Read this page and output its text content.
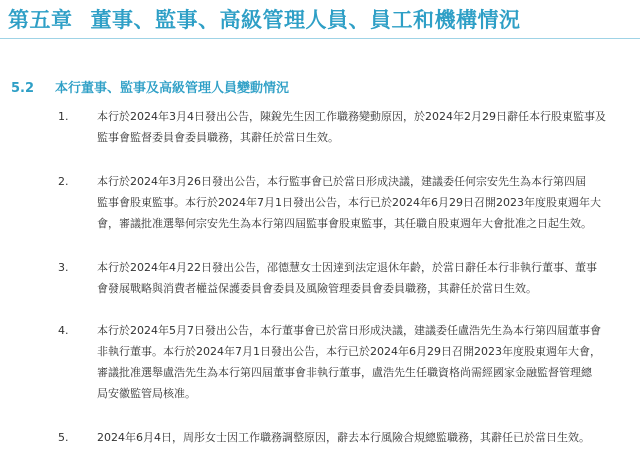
第五章 董事、監事、高級管理人員、員工和機構情況
5.2 本行董事、監事及高級管理人員變動情況
1.	本行於2024年3月4日發出公告，陳銳先生因工作職務變動原因，於2024年2月29日辭任本行股東監事及
監事會監督委員會委員職務，其辭任於當日生效。
2.	本行於2024年3月26日發出公告，本行監事會已於當日形成決議，建議委任何宗安先生為本行第四屆
監事會股東監事。本行於2024年7月1日發出公告，本行已於2024年6月29日召開2023年度股東週年大
會，審議批准選舉何宗安先生為本行第四屆監事會股東監事，其任職自股東週年大會批准之日起生效。
3.	本行於2024年4月22日發出公告，邵德慧女士因達到法定退休年齡，於當日辭任本行非執行董事、董事
會發展戰略與消費者權益保護委員會委員及風險管理委員會委員職務，其辭任於當日生效。
4.	本行於2024年5月7日發出公告，本行董事會已於當日形成決議，建議委任盧浩先生為本行第四屆董事會
非執行董事。本行於2024年7月1日發出公告，本行已於2024年6月29日召開2023年度股東週年大會，
審議批准選舉盧浩先生為本行第四屆董事會非執行董事，盧浩先生任職資格尚需經國家金融監督管理總
局安徽監管局核准。
5.	2024年6月4日，周彤女士因工作職務調整原因，辭去本行風險合規總監職務，其辭任已於當日生效。
